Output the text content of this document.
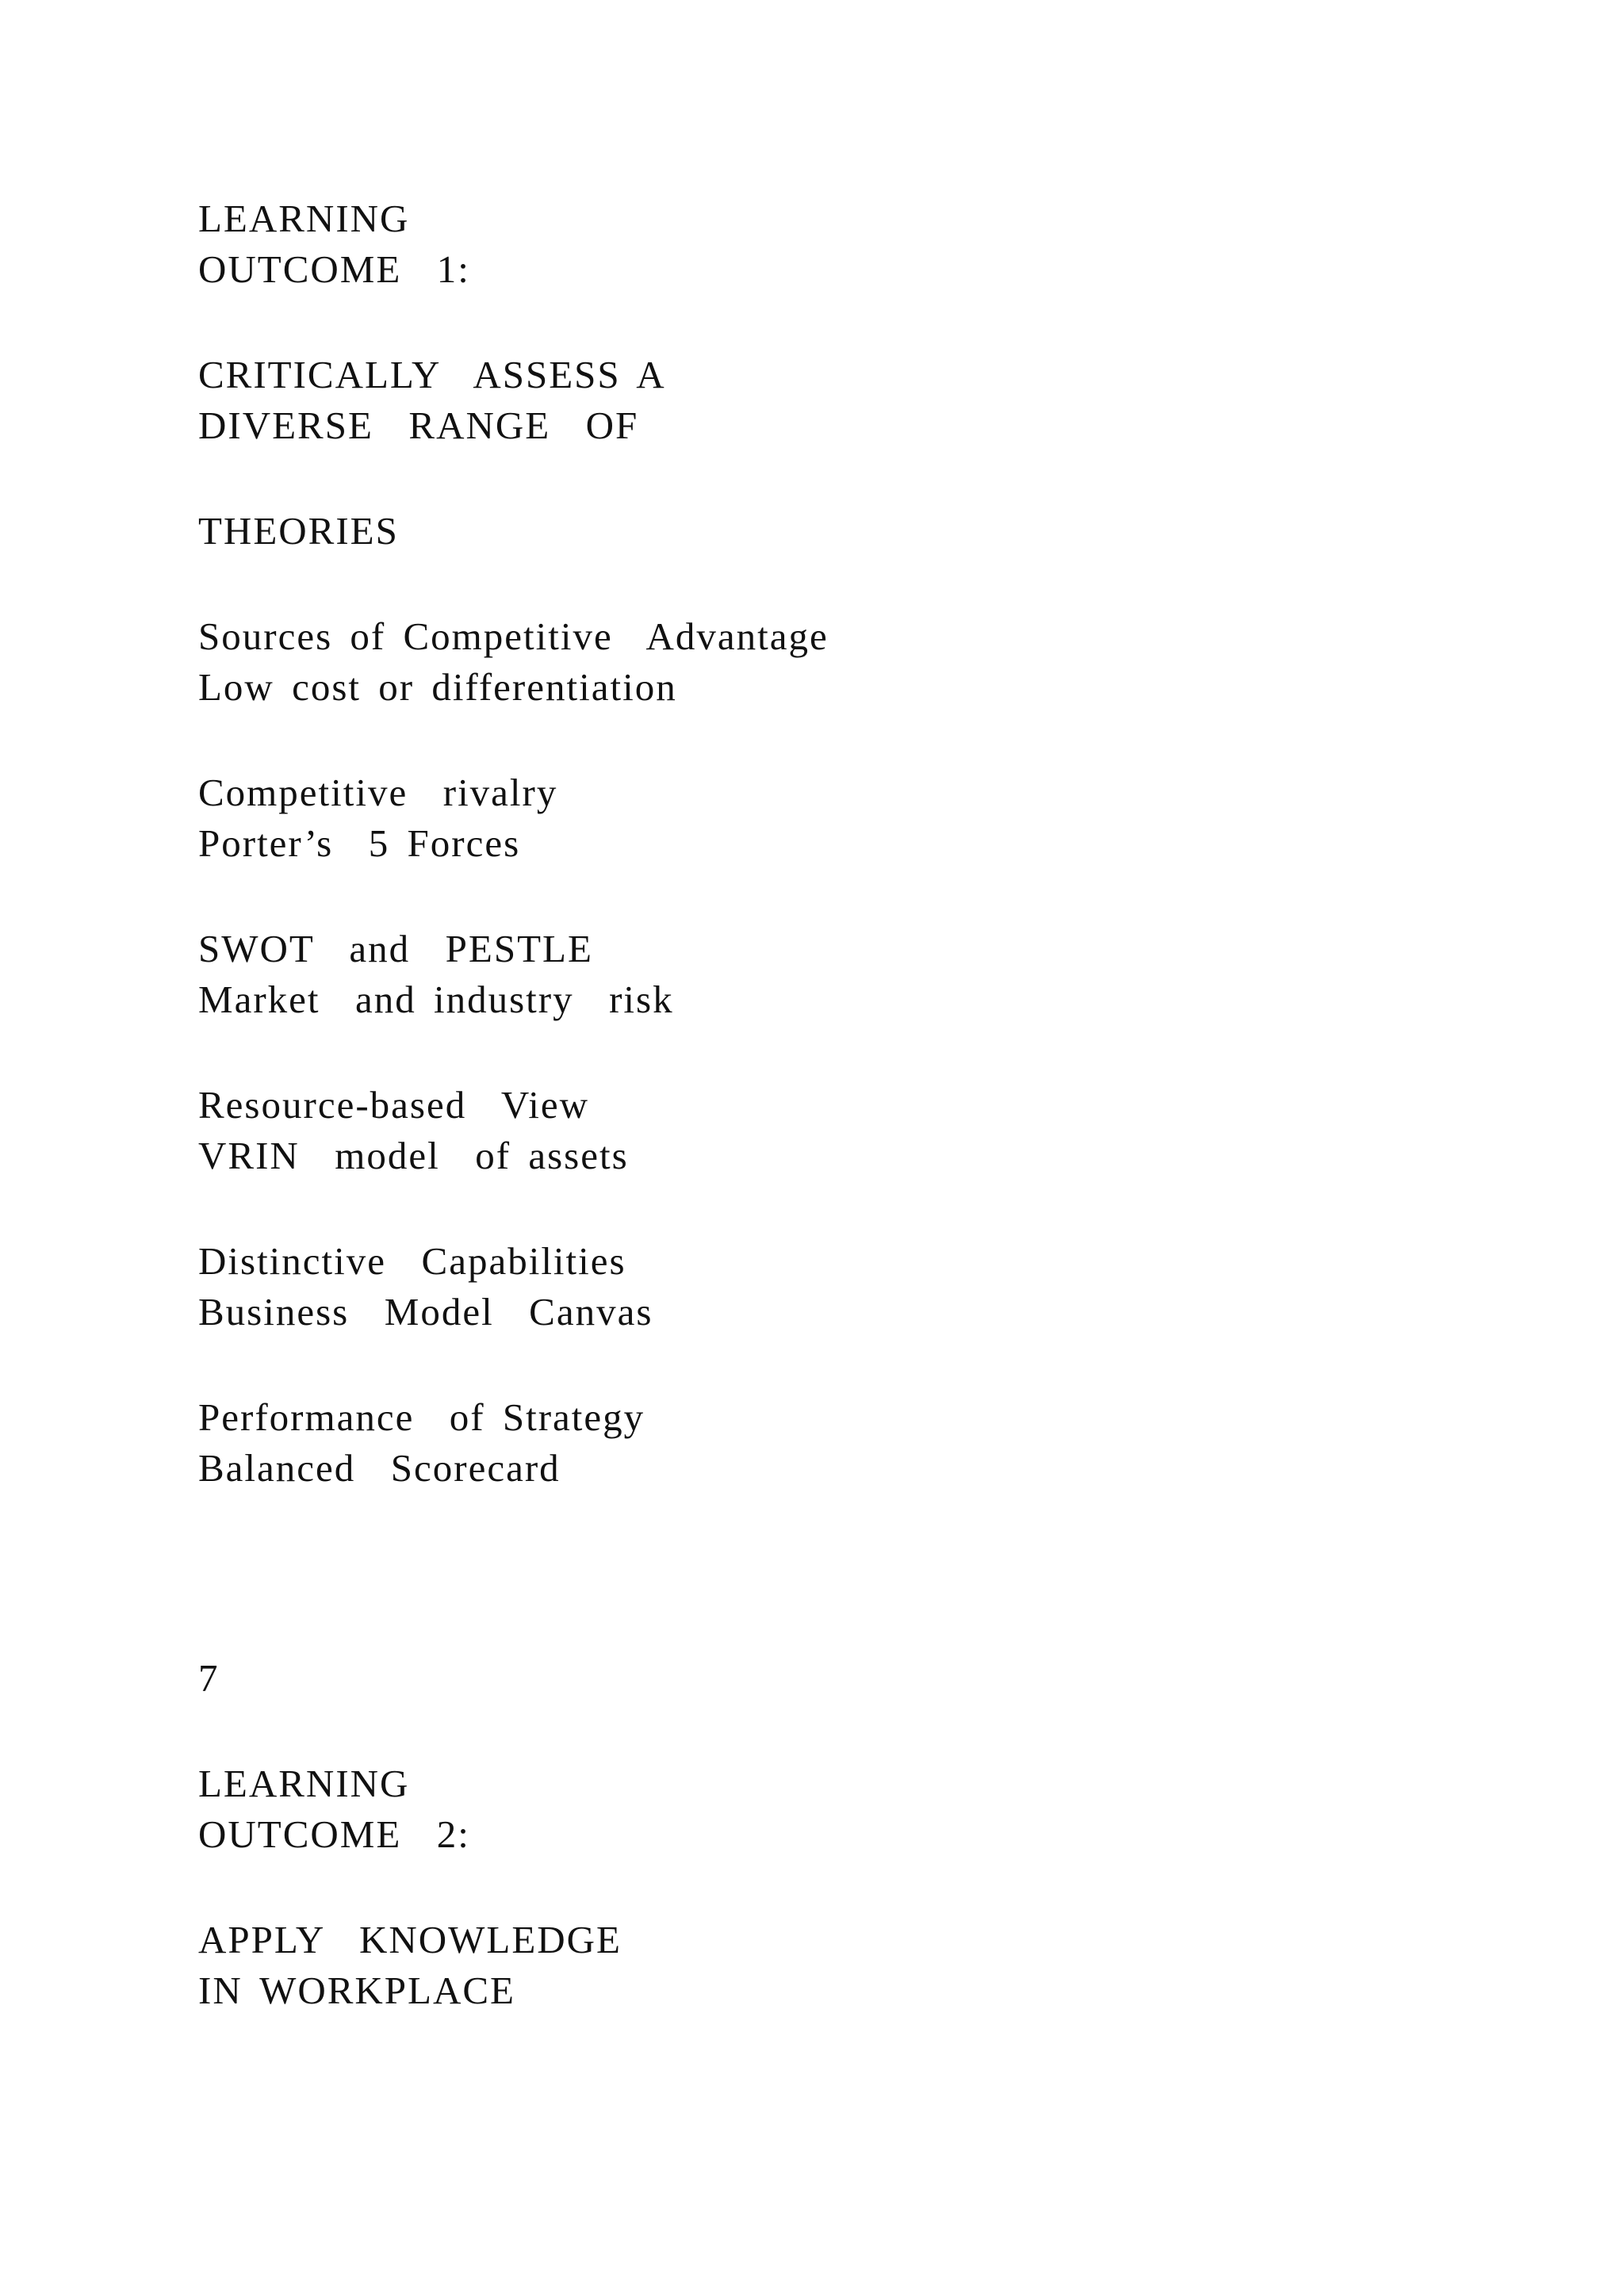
LEARNING

OUTCOME  1:

CRITICALLY  ASSESS A

DIVERSE  RANGE  OF

THEORIES

Sources of Competitive  Advantage

Low cost or differentiation

Competitive  rivalry

Porter’s  5 Forces

SWOT  and  PESTLE

Market  and industry  risk

Resource-based  View

VRIN  model  of assets

Distinctive  Capabilities

Business  Model  Canvas

Performance  of Strategy

Balanced  Scorecard

7

LEARNING

OUTCOME  2:

APPLY  KNOWLEDGE

IN WORKPLACE
